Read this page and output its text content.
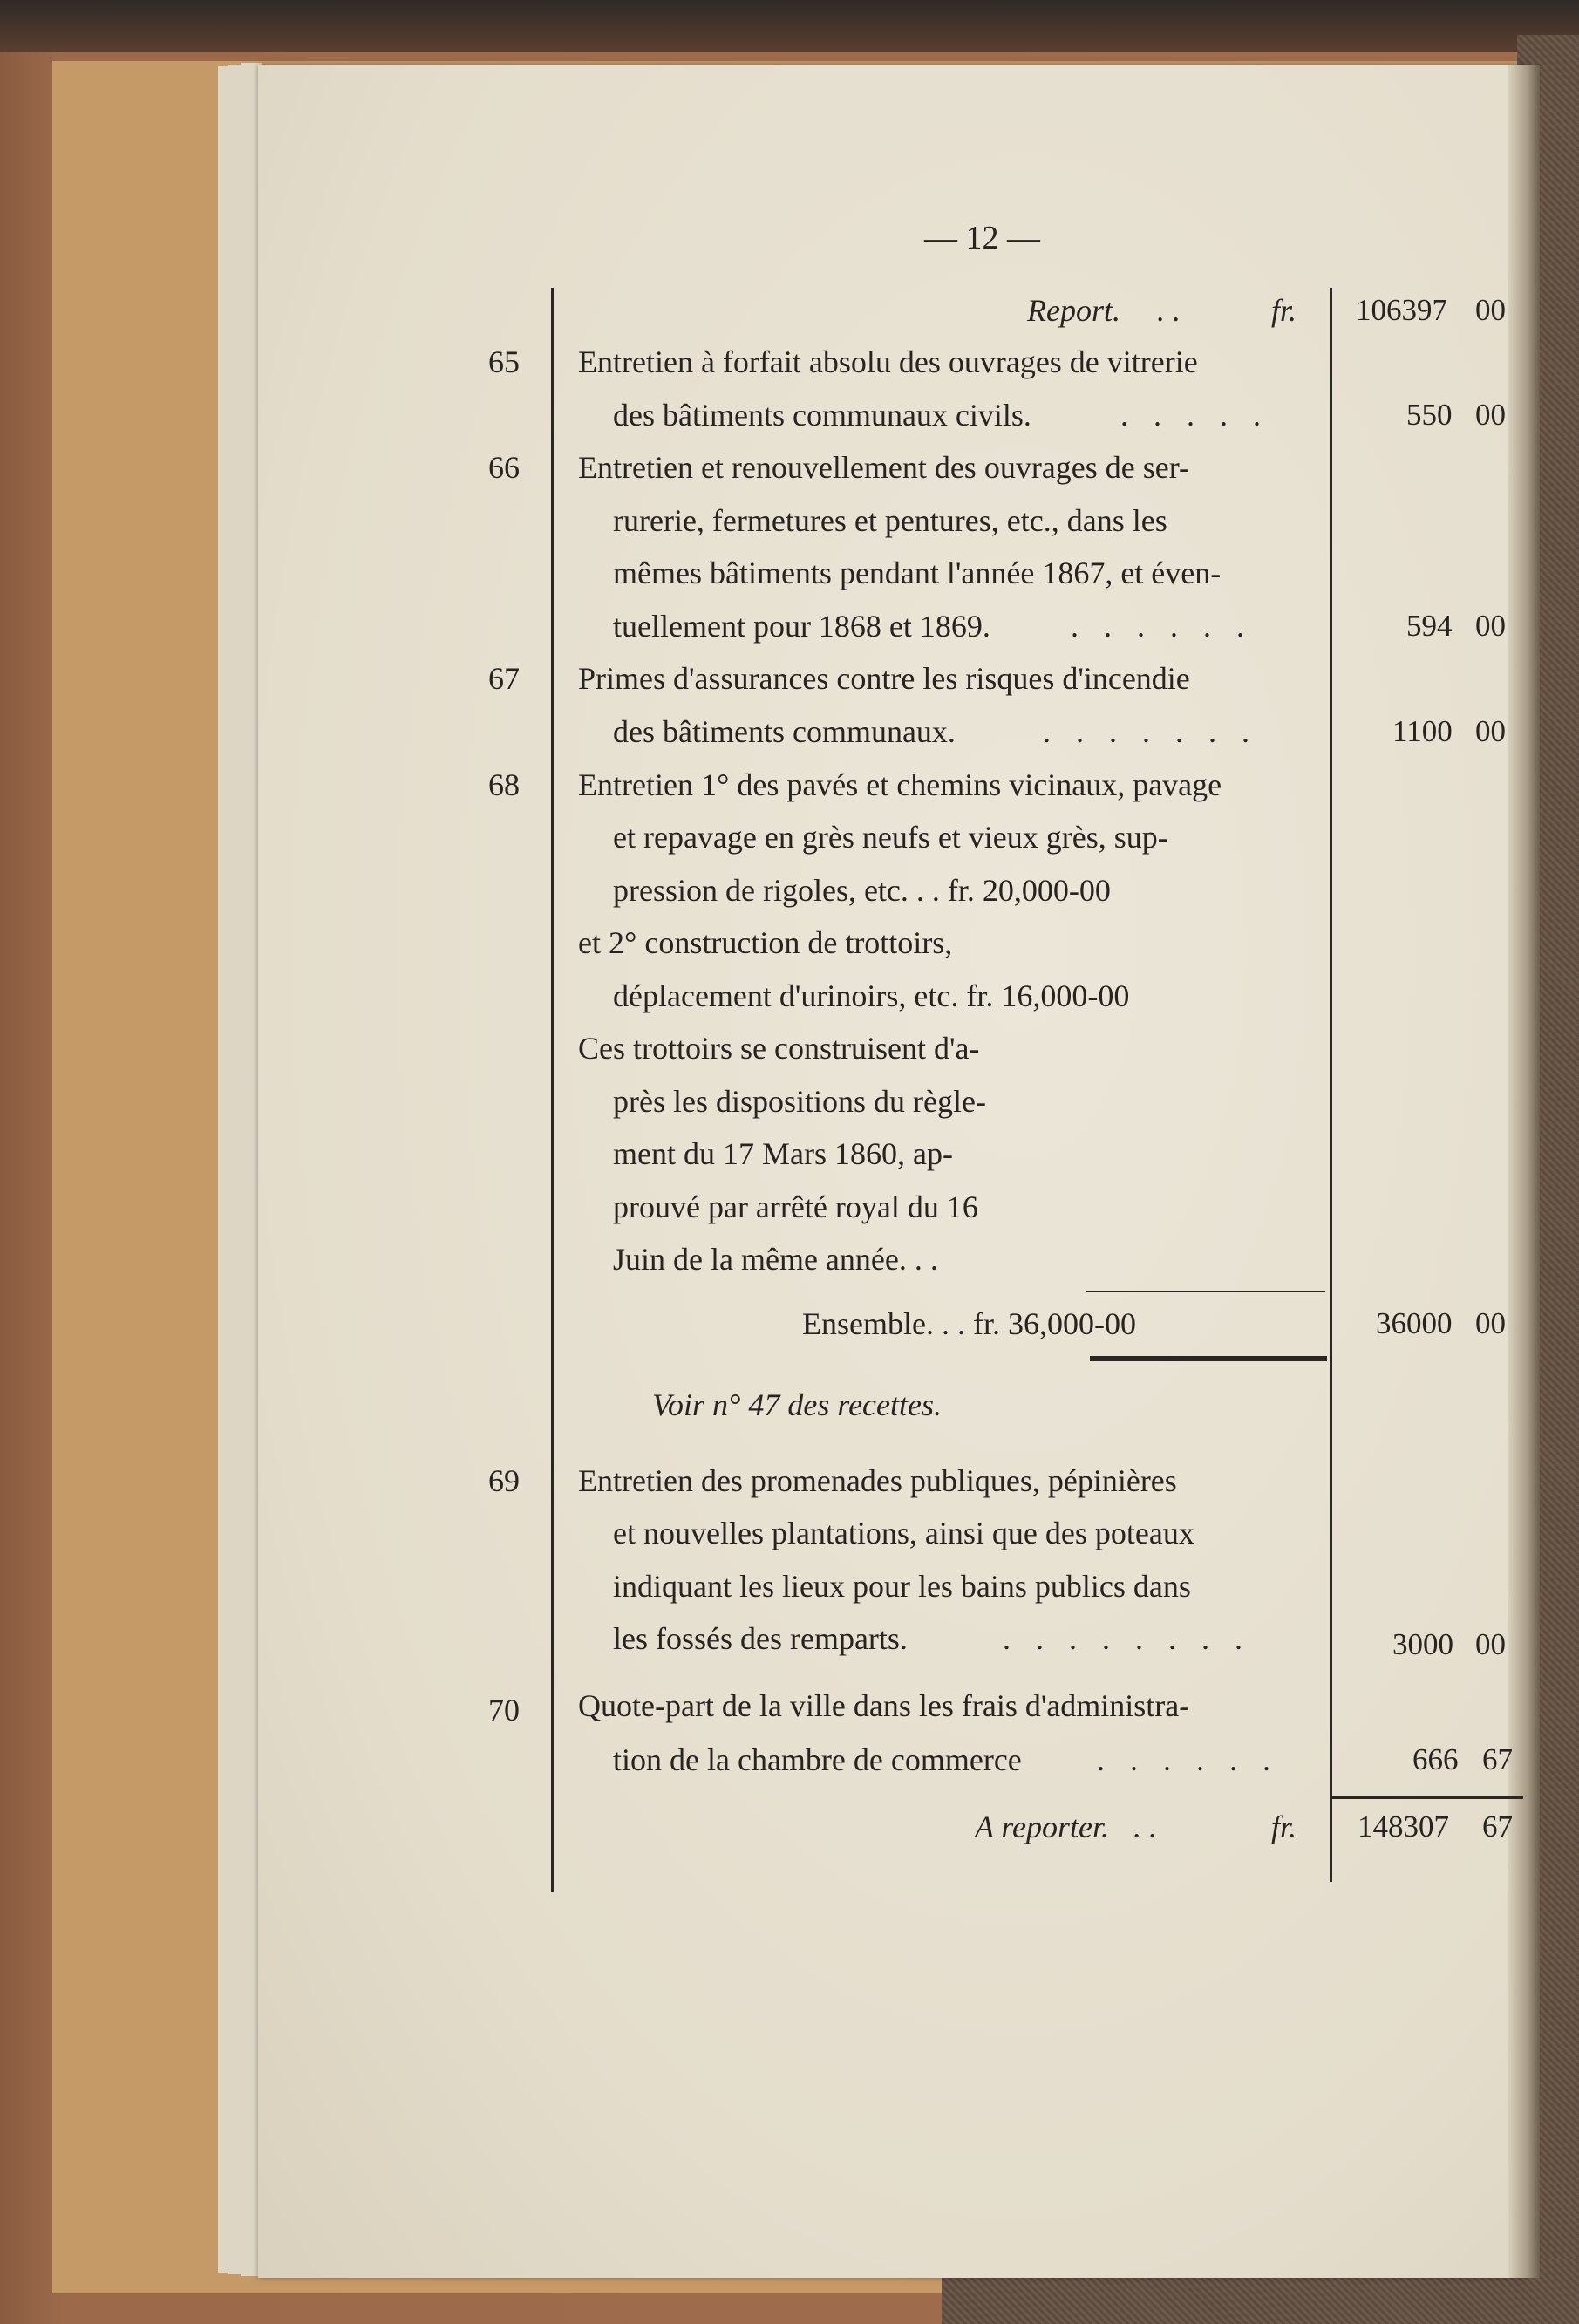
— 12 —
Report. . .	fr. 106397 00
65 Entretien à forfait absolu des ouvrages de vitrerie
des bâtiments communaux civils.	. . . . .	550 00
66 Entretien et renouvellement des ouvrages de ser-
rurerie, fermetures et pentures, etc., dans les
mêmes bâtiments pendant l'année 1867, et éven-
tuellement pour 1868 et 1869.	. . . . . .	594 00
67 Primes d'assurances contre les risques d'incendie
des bâtiments communaux.	. . . . . . .	1100 00
68 Entretien 1° des pavés et chemins vicinaux, pavage
et repavage en grès neufs et vieux grès, sup-
pression de rigoles, etc. . . fr. 20,000-00
et 2° construction de trottoirs,
déplacement d'urinoirs, etc. fr. 16,000-00
Ces trottoirs se construisent d'a-
près les dispositions du règle-
ment du 17 Mars 1860, ap-
prouvé par arrêté royal du 16
Juin de la même année. . .
Ensemble. . . fr. 36,000-00	36000 00
Voir n° 47 des recettes.
69 Entretien des promenades publiques, pépinières
et nouvelles plantations, ainsi que des poteaux
indiquant les lieux pour les bains publics dans
les fossés des remparts.	. . . . . . . .	3000 00
70 Quote-part de la ville dans les frais d'administra-
tion de la chambre de commerce . . . . . .	666 67
A reporter. . .	fr. 148307 67
